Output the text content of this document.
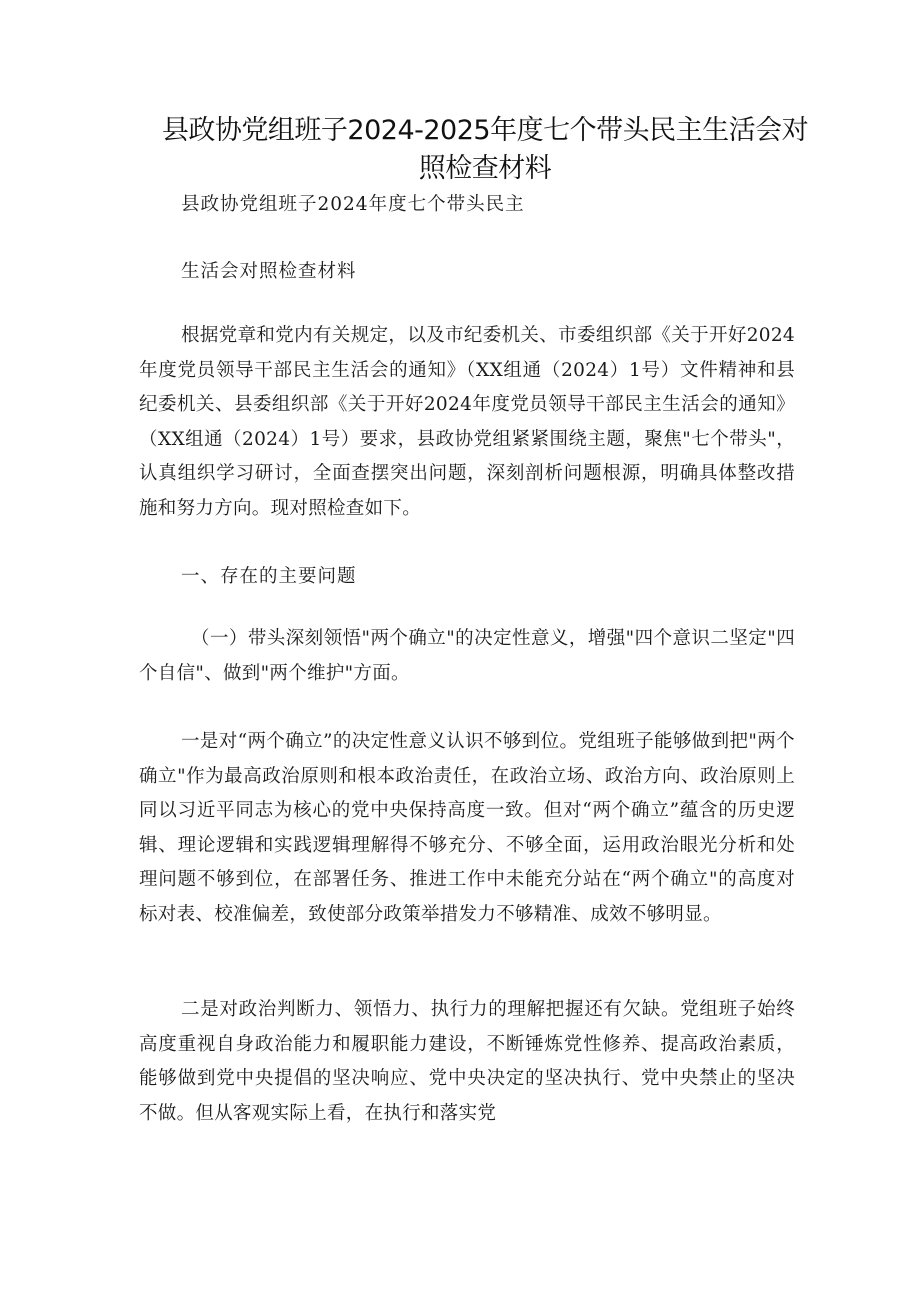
县政协党组班子2024-2025年度七个带头民主生活会对
照检查材料
县政协党组班子2024年度七个带头民主
生活会对照检查材料

根据党章和党内有关规定，以及市纪委机关、市委组织部《关于开好2024年度党员领导干部民主生活会的通知》（XX组通（2024）1号）文件精神和县纪委机关、县委组织部《关于开好2024年度党员领导干部民主生活会的通知》（XX组通（2024）1号）要求，县政协党组紧紧围绕主题，聚焦"七个带头"，认真组织学习研讨，全面查摆突出问题，深刻剖析问题根源，明确具体整改措施和努力方向。现对照检查如下。

一、存在的主要问题

（一）带头深刻领悟"两个确立"的决定性意义，增强"四个意识二坚定"四个自信"、做到"两个维护"方面。

一是对“两个确立”的决定性意义认识不够到位。党组班子能够做到把"两个确立"作为最高政治原则和根本政治责任，在政治立场、政治方向、政治原则上同以习近平同志为核心的党中央保持高度一致。但对“两个确立”蕴含的历史逻辑、理论逻辑和实践逻辑理解得不够充分、不够全面，运用政治眼光分析和处理问题不够到位，在部署任务、推进工作中未能充分站在“两个确立"的高度对标对表、校准偏差，致使部分政策举措发力不够精准、成效不够明显。

二是对政治判断力、领悟力、执行力的理解把握还有欠缺。党组班子始终高度重视自身政治能力和履职能力建设，不断锤炼党性修养、提高政治素质，能够做到党中央提倡的坚决响应、党中央决定的坚决执行、党中央禁止的坚决不做。但从客观实际上看，在执行和落实党
